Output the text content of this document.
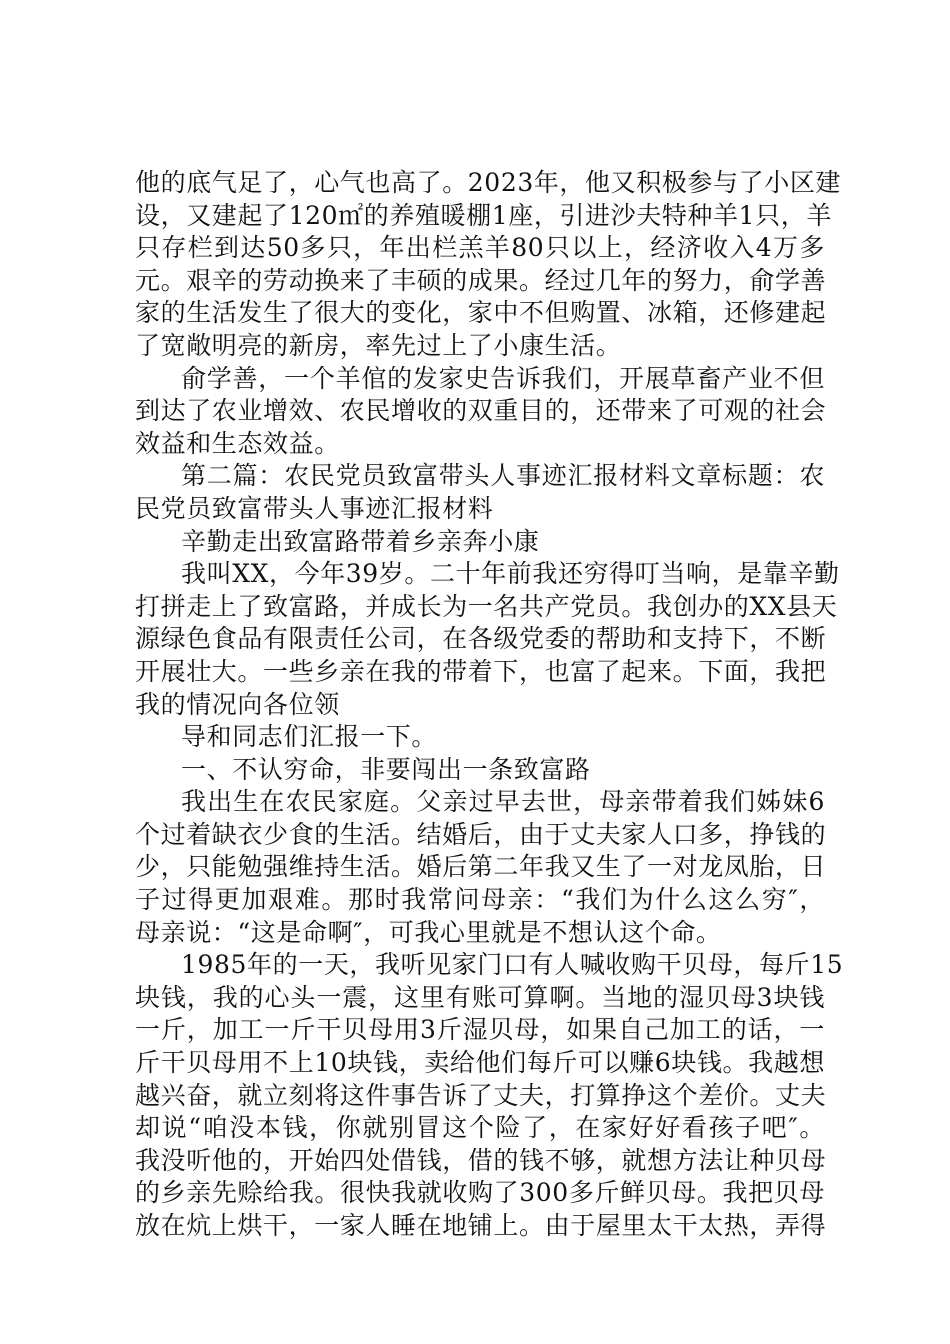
他的底气足了，心气也高了。2023年，他又积极参与了小区建
设，又建起了120㎡的养殖暖棚1座，引进沙夫特种羊1只，羊
只存栏到达50多只，年出栏羔羊80只以上，经济收入4万多
元。艰辛的劳动换来了丰硕的成果。经过几年的努力，俞学善
家的生活发生了很大的变化，家中不但购置、冰箱，还修建起
了宽敞明亮的新房，率先过上了小康生活。

俞学善，一个羊倌的发家史告诉我们，开展草畜产业不但
到达了农业增效、农民增收的双重目的，还带来了可观的社会
效益和生态效益。

第二篇：农民党员致富带头人事迹汇报材料文章标题：农
民党员致富带头人事迹汇报材料

辛勤走出致富路带着乡亲奔小康

我叫XX，今年39岁。二十年前我还穷得叮当响，是靠辛勤
打拼走上了致富路，并成长为一名共产党员。我创办的XX县天
源绿色食品有限责任公司，在各级党委的帮助和支持下，不断
开展壮大。一些乡亲在我的带着下，也富了起来。下面，我把
我的情况向各位领

导和同志们汇报一下。

一、不认穷命，非要闯出一条致富路

我出生在农民家庭。父亲过早去世，母亲带着我们姊妹6
个过着缺衣少食的生活。结婚后，由于丈夫家人口多，挣钱的
少，只能勉强维持生活。婚后第二年我又生了一对龙凤胎，日
子过得更加艰难。那时我常问母亲：“我们为什么这么穷″，
母亲说：“这是命啊″，可我心里就是不想认这个命。

1985年的一天，我听见家门口有人喊收购干贝母，每斤15
块钱，我的心头一震，这里有账可算啊。当地的湿贝母3块钱
一斤，加工一斤干贝母用3斤湿贝母，如果自己加工的话，一
斤干贝母用不上10块钱，卖给他们每斤可以赚6块钱。我越想
越兴奋，就立刻将这件事告诉了丈夫，打算挣这个差价。丈夫
却说“咱没本钱，你就别冒这个险了，在家好好看孩子吧″。
我没听他的，开始四处借钱，借的钱不够，就想方法让种贝母
的乡亲先赊给我。很快我就收购了300多斤鲜贝母。我把贝母
放在炕上烘干，一家人睡在地铺上。由于屋里太干太热，弄得
